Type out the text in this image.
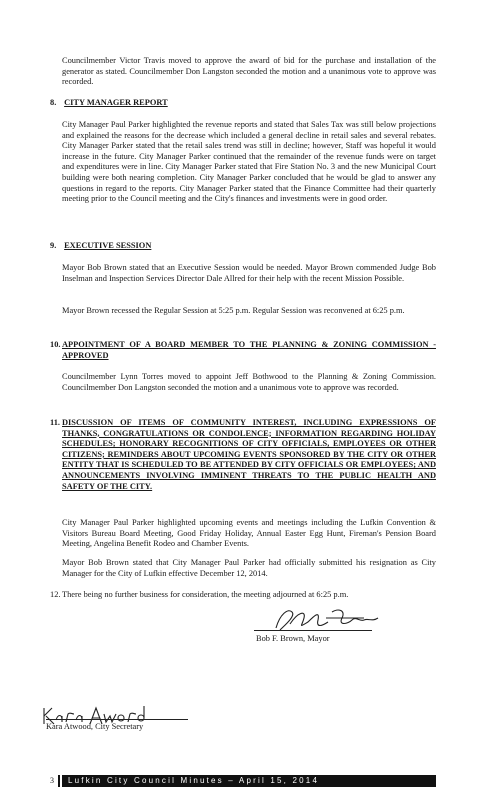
Councilmember Victor Travis moved to approve the award of bid for the purchase and installation of the generator as stated. Councilmember Don Langston seconded the motion and a unanimous vote to approve was recorded.

8. CITY MANAGER REPORT

City Manager Paul Parker highlighted the revenue reports and stated that Sales Tax was still below projections and explained the reasons for the decrease which included a general decline in retail sales and several rebates. City Manager Parker stated that the retail sales trend was still in decline; however, Staff was hopeful it would increase in the future. City Manager Parker continued that the remainder of the revenue funds were on target and expenditures were in line. City Manager Parker stated that Fire Station No. 3 and the new Municipal Court building were both nearing completion. City Manager Parker concluded that he would be glad to answer any questions in regard to the reports. City Manager Parker stated that the Finance Committee had their quarterly meeting prior to the Council meeting and the City's finances and investments were in good order.

9. EXECUTIVE SESSION

Mayor Bob Brown stated that an Executive Session would be needed. Mayor Brown commended Judge Bob Inselman and Inspection Services Director Dale Allred for their help with the recent Mission Possible.

Mayor Brown recessed the Regular Session at 5:25 p.m. Regular Session was reconvened at 6:25 p.m.

10. APPOINTMENT OF A BOARD MEMBER TO THE PLANNING & ZONING COMMISSION - APPROVED

Councilmember Lynn Torres moved to appoint Jeff Bothwood to the Planning & Zoning Commission. Councilmember Don Langston seconded the motion and a unanimous vote to approve was recorded.

11. DISCUSSION OF ITEMS OF COMMUNITY INTEREST, INCLUDING EXPRESSIONS OF THANKS, CONGRATULATIONS OR CONDOLENCE; INFORMATION REGARDING HOLIDAY SCHEDULES; HONORARY RECOGNITIONS OF CITY OFFICIALS, EMPLOYEES OR OTHER CITIZENS; REMINDERS ABOUT UPCOMING EVENTS SPONSORED BY THE CITY OR OTHER ENTITY THAT IS SCHEDULED TO BE ATTENDED BY CITY OFFICIALS OR EMPLOYEES; AND ANNOUNCEMENTS INVOLVING IMMINENT THREATS TO THE PUBLIC HEALTH AND SAFETY OF THE CITY.

City Manager Paul Parker highlighted upcoming events and meetings including the Lufkin Convention & Visitors Bureau Board Meeting, Good Friday Holiday, Annual Easter Egg Hunt, Fireman's Pension Board Meeting, Angelina Benefit Rodeo and Chamber Events.

Mayor Bob Brown stated that City Manager Paul Parker had officially submitted his resignation as City Manager for the City of Lufkin effective December 12, 2014.

12. There being no further business for consideration, the meeting adjourned at 6:25 p.m.

Bob F. Brown, Mayor
Kara Atwood, City Secretary
3	Lufkin City Council Minutes – April 15, 2014
